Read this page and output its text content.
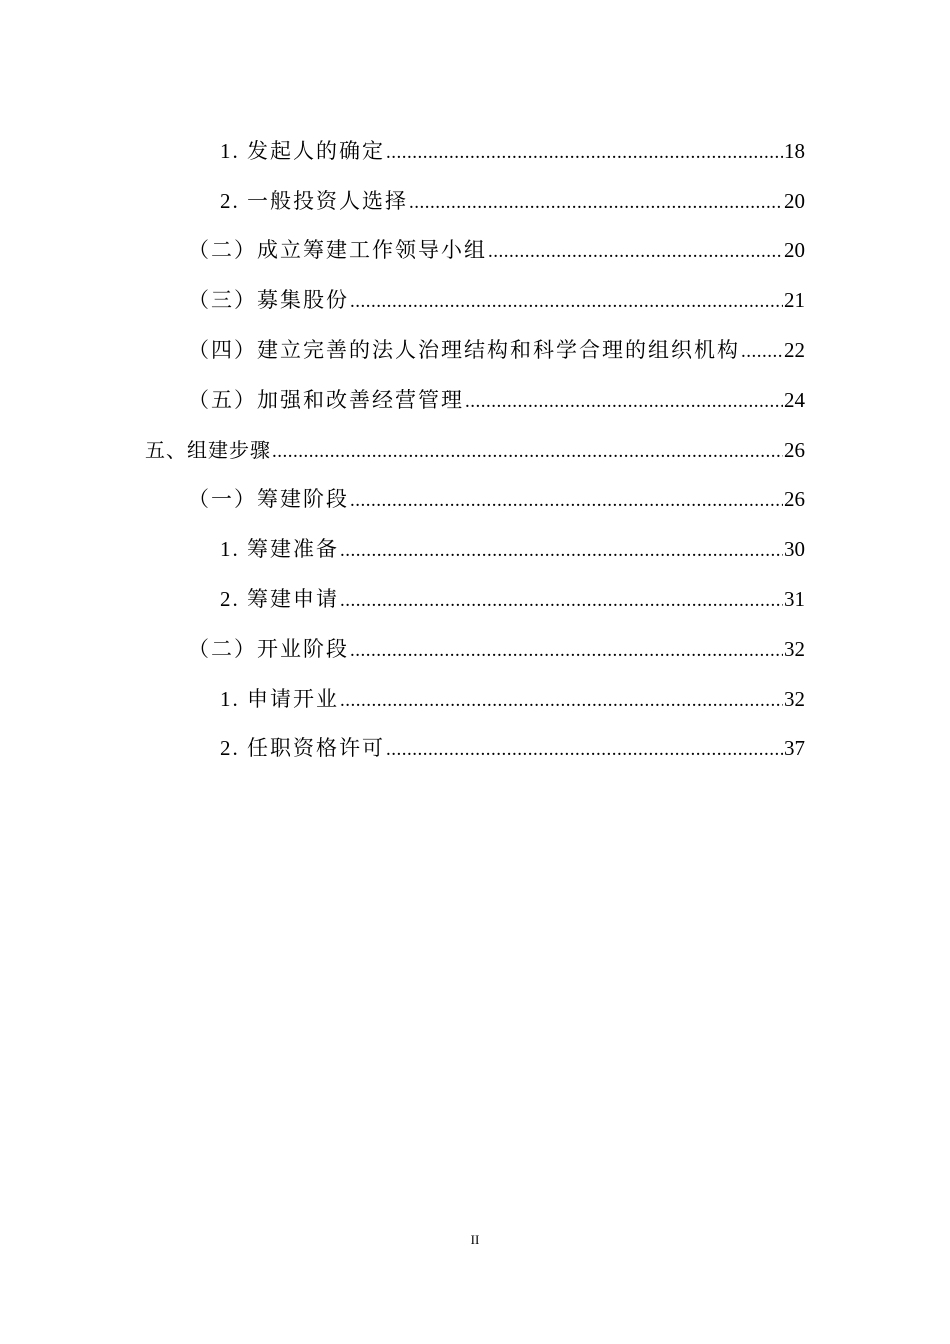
1. 发起人的确定 .....	18
2. 一般投资人选择 .....	20
（二）成立筹建工作领导小组 .....	20
（三）募集股份 .....	21
（四）建立完善的法人治理结构和科学合理的组织机构 ..... 22
（五）加强和改善经营管理 .....	24
五、组建步骤 .....	26
（一）筹建阶段 .....	26
1. 筹建准备 .....	30
2. 筹建申请 .....	31
（二）开业阶段 .....	32
1. 申请开业 .....	32
2. 任职资格许可 .....	37
II
